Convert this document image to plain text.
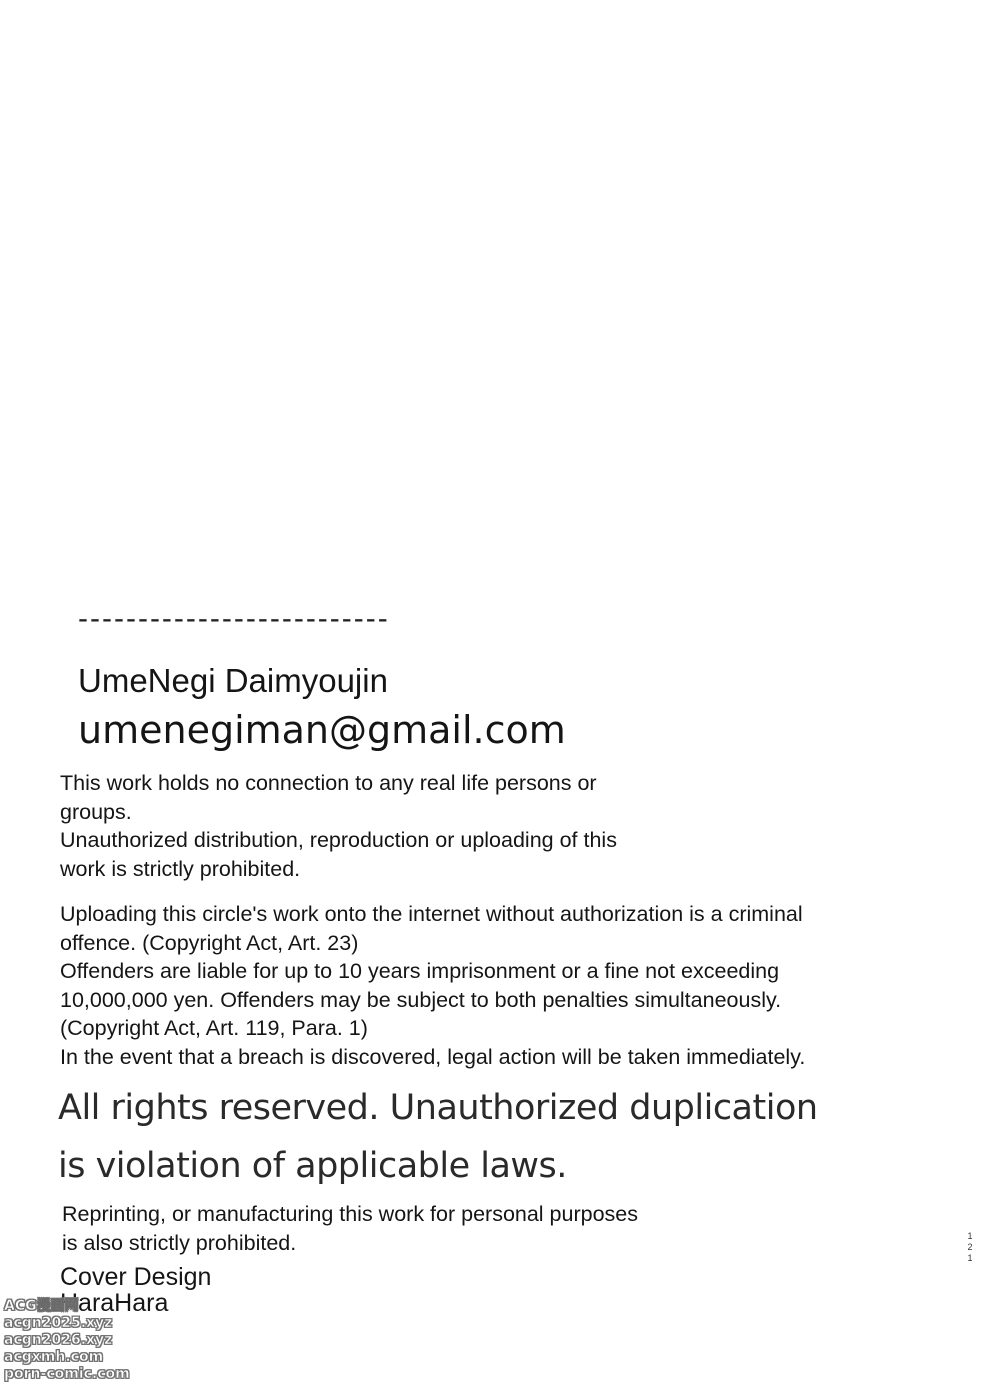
--------------------------
UmeNegi Daimyoujin
umenegiman@gmail.com
This work holds no connection to any real life persons or
groups.
Unauthorized distribution, reproduction or uploading of this
work is strictly prohibited.
Uploading this circle's work onto the internet without authorization is a criminal
offence. (Copyright Act, Art. 23)
Offenders are liable for up to 10 years imprisonment or a fine not exceeding
10,000,000 yen. Offenders may be subject to both penalties simultaneously.
(Copyright Act, Art. 119, Para. 1)
In the event that a breach is discovered, legal action will be taken immediately.
All rights reserved. Unauthorized duplication
is violation of applicable laws.
Reprinting, or manufacturing this work for personal purposes
is also strictly prohibited.
Cover Design
HaraHara
1
2
1
ACG漫画网
acgn2025.xyz
acgn2026.xyz
acgxmh.com
porn-comic.com
